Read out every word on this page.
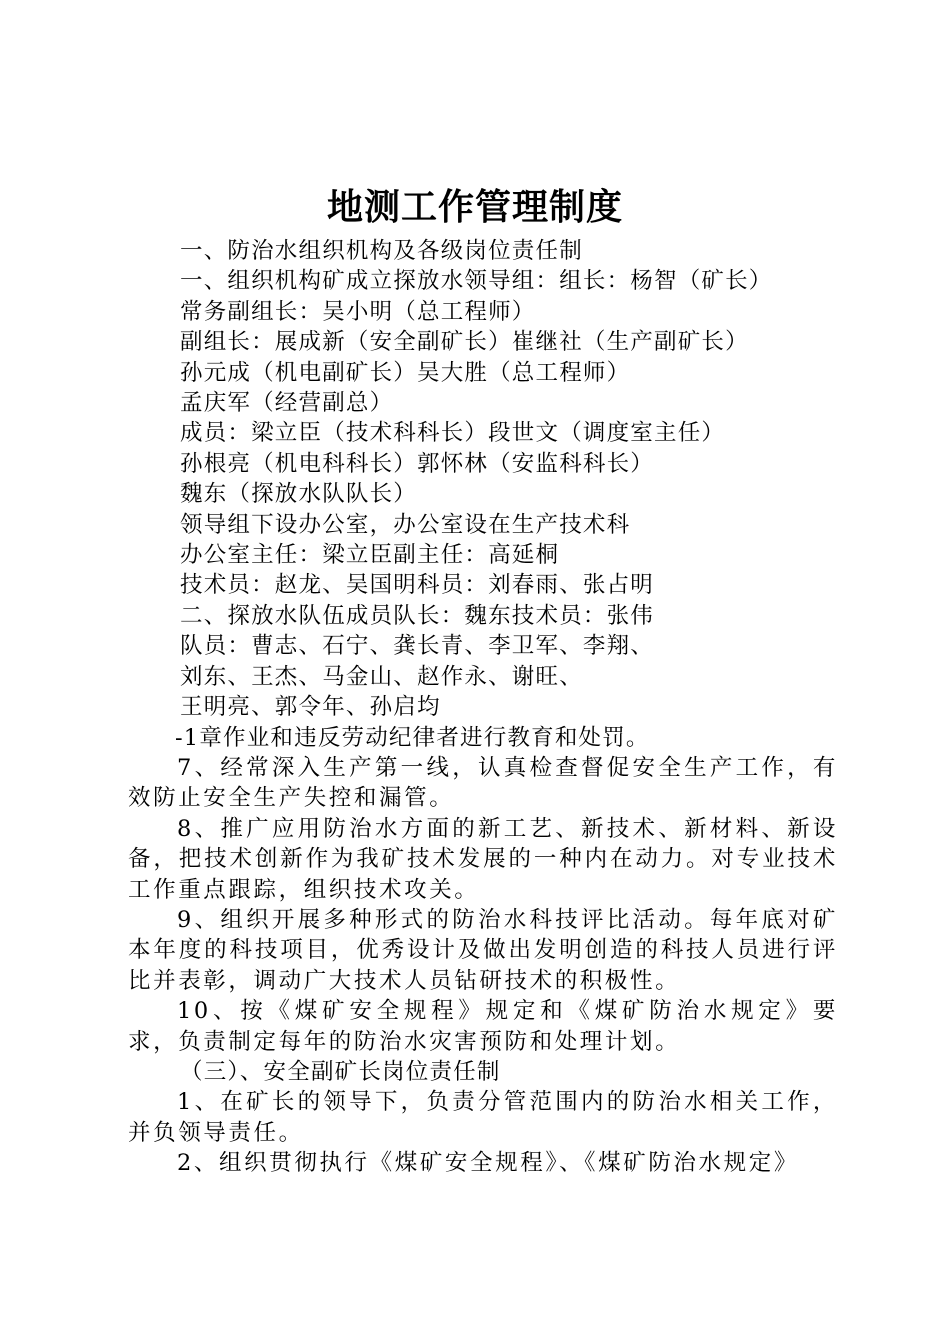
地测工作管理制度
一、防治水组织机构及各级岗位责任制
一、组织机构矿成立探放水领导组：组长：杨智（矿长）
常务副组长：吴小明（总工程师）
副组长：展成新（安全副矿长）崔继社（生产副矿长）
孙元成（机电副矿长）吴大胜（总工程师）
孟庆军（经营副总）
成员：梁立臣（技术科科长）段世文（调度室主任）
孙根亮（机电科科长）郭怀林（安监科科长）
魏东（探放水队队长）
领导组下设办公室，办公室设在生产技术科
办公室主任：梁立臣副主任：高延桐
技术员：赵龙、吴国明科员：刘春雨、张占明
二、探放水队伍成员队长：魏东技术员：张伟
队员：曹志、石宁、龚长青、李卫军、李翔、
刘东、王杰、马金山、赵作永、谢旺、
王明亮、郭令年、孙启均
-1章作业和违反劳动纪律者进行教育和处罚。
7、经常深入生产第一线，认真检查督促安全生产工作，有效防止安全生产失控和漏管。
8、推广应用防治水方面的新工艺、新技术、新材料、新设备，把技术创新作为我矿技术发展的一种内在动力。对专业技术工作重点跟踪，组织技术攻关。
9、组织开展多种形式的防治水科技评比活动。每年底对矿本年度的科技项目，优秀设计及做出发明创造的科技人员进行评比并表彰，调动广大技术人员钻研技术的积极性。
10、按《煤矿安全规程》规定和《煤矿防治水规定》要求，负责制定每年的防治水灾害预防和处理计划。
（三）、安全副矿长岗位责任制
1、在矿长的领导下，负责分管范围内的防治水相关工作，并负领导责任。
2、组织贯彻执行《煤矿安全规程》、《煤矿防治水规定》
